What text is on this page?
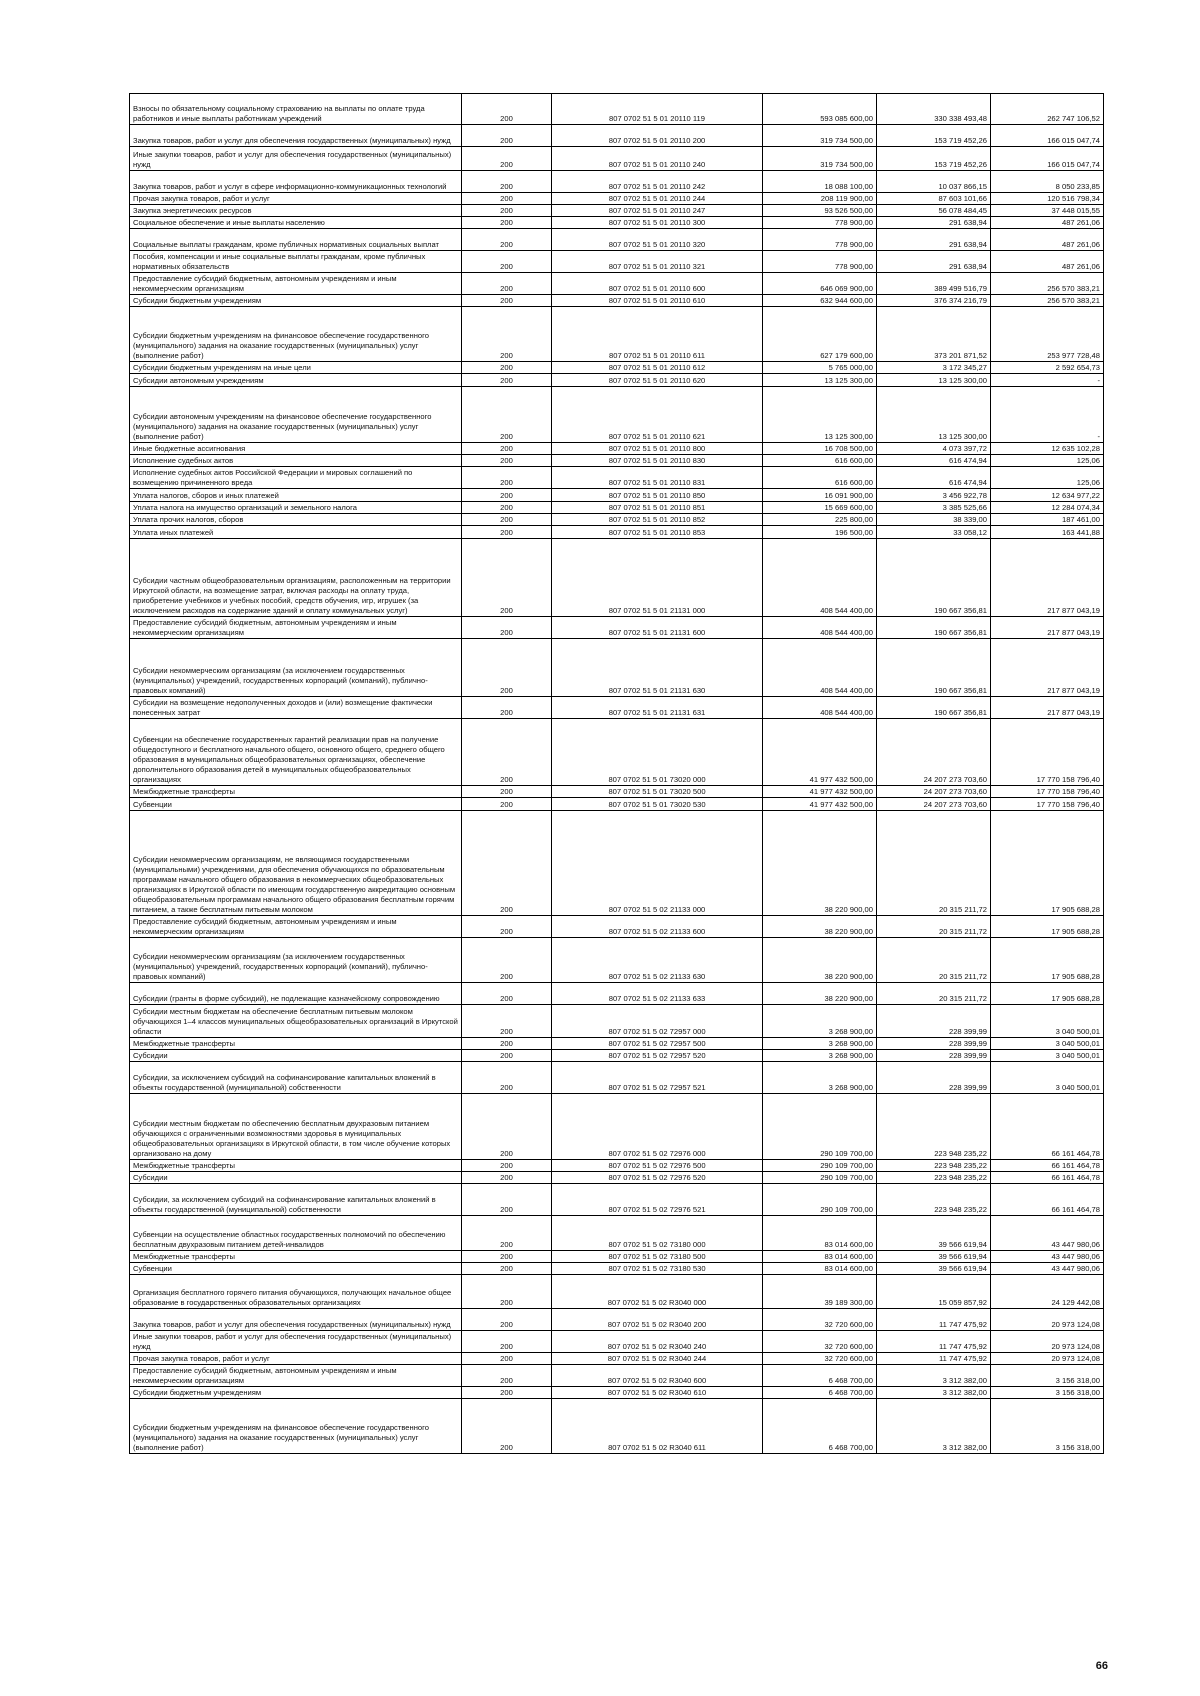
Взносы по обязательному социальному страхованию на выплаты по оплате труда работников и иные выплаты работникам учреждений	200	807 0702 51 5 01 20110 119	593 085 600,00	330 338 493,48	262 747 106,52
Закупка товаров, работ и услуг для обеспечения государственных (муниципальных) нужд	200	807 0702 51 5 01 20110 200	319 734 500,00	153 719 452,26	166 015 047,74
Иные закупки товаров, работ и услуг для обеспечения государственных (муниципальных) нужд	200	807 0702 51 5 01 20110 240	319 734 500,00	153 719 452,26	166 015 047,74
Закупка товаров, работ и услуг в сфере информационно-коммуникационных технологий	200	807 0702 51 5 01 20110 242	18 088 100,00	10 037 866,15	8 050 233,85
Прочая закупка товаров, работ и услуг	200	807 0702 51 5 01 20110 244	208 119 900,00	87 603 101,66	120 516 798,34
Закупка энергетических ресурсов	200	807 0702 51 5 01 20110 247	93 526 500,00	56 078 484,45	37 448 015,55
Социальное обеспечение и иные выплаты населению	200	807 0702 51 5 01 20110 300	778 900,00	291 638,94	487 261,06
Социальные выплаты гражданам, кроме публичных нормативных социальных выплат	200	807 0702 51 5 01 20110 320	778 900,00	291 638,94	487 261,06
Пособия, компенсации и иные социальные выплаты гражданам, кроме публичных нормативных обязательств	200	807 0702 51 5 01 20110 321	778 900,00	291 638,94	487 261,06
Предоставление субсидий бюджетным, автономным учреждениям и иным некоммерческим организациям	200	807 0702 51 5 01 20110 600	646 069 900,00	389 499 516,79	256 570 383,21
Субсидии бюджетным учреждениям	200	807 0702 51 5 01 20110 610	632 944 600,00	376 374 216,79	256 570 383,21
Субсидии бюджетным учреждениям на финансовое обеспечение государственного (муниципального) задания на оказание государственных (муниципальных) услуг (выполнение работ)	200	807 0702 51 5 01 20110 611	627 179 600,00	373 201 871,52	253 977 728,48
Субсидии бюджетным учреждениям на иные цели	200	807 0702 51 5 01 20110 612	5 765 000,00	3 172 345,27	2 592 654,73
Субсидии автономным учреждениям	200	807 0702 51 5 01 20110 620	13 125 300,00	13 125 300,00	-
Субсидии автономным учреждениям на финансовое обеспечение государственного (муниципального) задания на оказание государственных (муниципальных) услуг (выполнение работ)	200	807 0702 51 5 01 20110 621	13 125 300,00	13 125 300,00	-
Иные бюджетные ассигнования	200	807 0702 51 5 01 20110 800	16 708 500,00	4 073 397,72	12 635 102,28
Исполнение судебных актов	200	807 0702 51 5 01 20110 830	616 600,00	616 474,94	125,06
Исполнение судебных актов Российской Федерации и мировых соглашений по возмещению причиненного вреда	200	807 0702 51 5 01 20110 831	616 600,00	616 474,94	125,06
Уплата налогов, сборов и иных платежей	200	807 0702 51 5 01 20110 850	16 091 900,00	3 456 922,78	12 634 977,22
Уплата налога на имущество организаций и земельного налога	200	807 0702 51 5 01 20110 851	15 669 600,00	3 385 525,66	12 284 074,34
Уплата прочих налогов, сборов	200	807 0702 51 5 01 20110 852	225 800,00	38 339,00	187 461,00
Уплата иных платежей	200	807 0702 51 5 01 20110 853	196 500,00	33 058,12	163 441,88
Субсидии частным общеобразовательным организациям, расположенным на территории Иркутской области, на возмещение затрат, включая расходы на оплату труда, приобретение учебников и учебных пособий, средств обучения, игр, игрушек (за исключением расходов на содержание зданий и оплату коммунальных услуг)	200	807 0702 51 5 01 21131 000	408 544 400,00	190 667 356,81	217 877 043,19
Предоставление субсидий бюджетным, автономным учреждениям и иным некоммерческим организациям	200	807 0702 51 5 01 21131 600	408 544 400,00	190 667 356,81	217 877 043,19
Субсидии некоммерческим организациям (за исключением государственных (муниципальных) учреждений, государственных корпораций (компаний), публично-правовых компаний)	200	807 0702 51 5 01 21131 630	408 544 400,00	190 667 356,81	217 877 043,19
Субсидии на возмещение недополученных доходов и (или) возмещение фактически понесенных затрат	200	807 0702 51 5 01 21131 631	408 544 400,00	190 667 356,81	217 877 043,19
Субвенции на обеспечение государственных гарантий реализации прав на получение общедоступного и бесплатного начального общего, основного общего, среднего общего образования в муниципальных общеобразовательных организациях, обеспечение дополнительного образования детей в муниципальных общеобразовательных организациях	200	807 0702 51 5 01 73020 000	41 977 432 500,00	24 207 273 703,60	17 770 158 796,40
Межбюджетные трансферты	200	807 0702 51 5 01 73020 500	41 977 432 500,00	24 207 273 703,60	17 770 158 796,40
Субвенции	200	807 0702 51 5 01 73020 530	41 977 432 500,00	24 207 273 703,60	17 770 158 796,40
Субсидии некоммерческим организациям, не являющимся государственными (муниципальными) учреждениями, для обеспечения обучающихся по образовательным программам начального общего образования в некоммерческих общеобразовательных организациях в Иркутской области по имеющим государственную аккредитацию основным общеобразовательным программам начального общего образования бесплатным горячим питанием, а также бесплатным питьевым молоком	200	807 0702 51 5 02 21133 000	38 220 900,00	20 315 211,72	17 905 688,28
Предоставление субсидий бюджетным, автономным учреждениям и иным некоммерческим организациям	200	807 0702 51 5 02 21133 600	38 220 900,00	20 315 211,72	17 905 688,28
Субсидии некоммерческим организациям (за исключением государственных (муниципальных) учреждений, государственных корпораций (компаний), публично-правовых компаний)	200	807 0702 51 5 02 21133 630	38 220 900,00	20 315 211,72	17 905 688,28
Субсидии (гранты в форме субсидий), не подлежащие казначейскому сопровождению	200	807 0702 51 5 02 21133 633	38 220 900,00	20 315 211,72	17 905 688,28
Субсидии местным бюджетам на обеспечение бесплатным питьевым молоком обучающихся 1–4 классов муниципальных общеобразовательных организаций в Иркутской области	200	807 0702 51 5 02 72957 000	3 268 900,00	228 399,99	3 040 500,01
Межбюджетные трансферты	200	807 0702 51 5 02 72957 500	3 268 900,00	228 399,99	3 040 500,01
Субсидии	200	807 0702 51 5 02 72957 520	3 268 900,00	228 399,99	3 040 500,01
Субсидии, за исключением субсидий на софинансирование капитальных вложений в объекты государственной (муниципальной) собственности	200	807 0702 51 5 02 72957 521	3 268 900,00	228 399,99	3 040 500,01
Субсидии местным бюджетам по обеспечению бесплатным двухразовым питанием обучающихся с ограниченными возможностями здоровья в муниципальных общеобразовательных организациях в Иркутской области, в том числе обучение которых организовано на дому	200	807 0702 51 5 02 72976 000	290 109 700,00	223 948 235,22	66 161 464,78
Межбюджетные трансферты	200	807 0702 51 5 02 72976 500	290 109 700,00	223 948 235,22	66 161 464,78
Субсидии	200	807 0702 51 5 02 72976 520	290 109 700,00	223 948 235,22	66 161 464,78
Субсидии, за исключением субсидий на софинансирование капитальных вложений в объекты государственной (муниципальной) собственности	200	807 0702 51 5 02 72976 521	290 109 700,00	223 948 235,22	66 161 464,78
Субвенции на осуществление областных государственных полномочий по обеспечению бесплатным двухразовым питанием детей-инвалидов	200	807 0702 51 5 02 73180 000	83 014 600,00	39 566 619,94	43 447 980,06
Межбюджетные трансферты	200	807 0702 51 5 02 73180 500	83 014 600,00	39 566 619,94	43 447 980,06
Субвенции	200	807 0702 51 5 02 73180 530	83 014 600,00	39 566 619,94	43 447 980,06
Организация бесплатного горячего питания обучающихся, получающих начальное общее образование в государственных образовательных организациях	200	807 0702 51 5 02 R3040 000	39 189 300,00	15 059 857,92	24 129 442,08
Закупка товаров, работ и услуг для обеспечения государственных (муниципальных) нужд	200	807 0702 51 5 02 R3040 200	32 720 600,00	11 747 475,92	20 973 124,08
Иные закупки товаров, работ и услуг для обеспечения государственных (муниципальных) нужд	200	807 0702 51 5 02 R3040 240	32 720 600,00	11 747 475,92	20 973 124,08
Прочая закупка товаров, работ и услуг	200	807 0702 51 5 02 R3040 244	32 720 600,00	11 747 475,92	20 973 124,08
Предоставление субсидий бюджетным, автономным учреждениям и иным некоммерческим организациям	200	807 0702 51 5 02 R3040 600	6 468 700,00	3 312 382,00	3 156 318,00
Субсидии бюджетным учреждениям	200	807 0702 51 5 02 R3040 610	6 468 700,00	3 312 382,00	3 156 318,00
Субсидии бюджетным учреждениям на финансовое обеспечение государственного (муниципального) задания на оказание государственных (муниципальных) услуг (выполнение работ)	200	807 0702 51 5 02 R3040 611	6 468 700,00	3 312 382,00	3 156 318,00
66
